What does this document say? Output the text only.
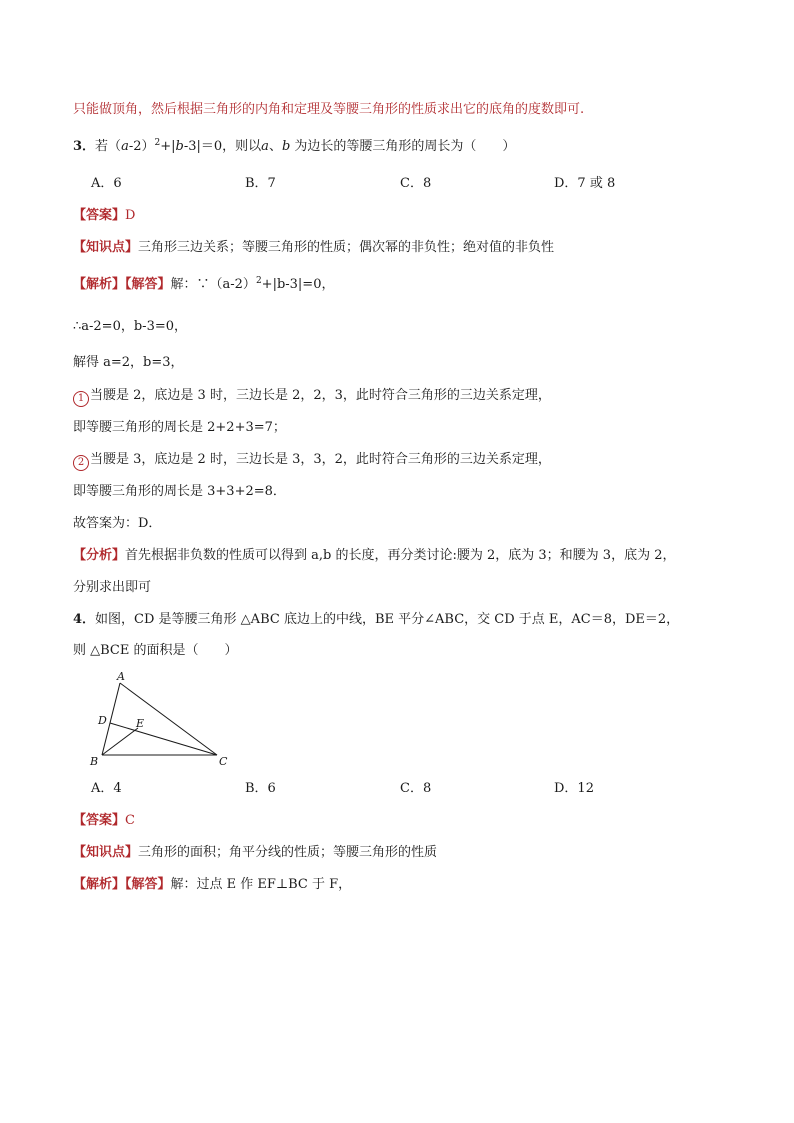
只能做顶角，然后根据三角形的内角和定理及等腰三角形的性质求出它的底角的度数即可.
3．若$(a-2)^2+|b-3|=0$，则以a、b 为边长的等腰三角形的周长为（　　）
A．6	B．7	C．8	D．7 或 8
【答案】D
【知识点】三角形三边关系；等腰三角形的性质；偶次幂的非负性；绝对值的非负性
【解析】【解答】解：$\because(a-2)^2+|b-3|=0$，
∴a-2=0，b-3=0，
解得 a=2，b=3，
1 当腰是 2，底边是 3 时，三边长是 2，2，3，此时符合三角形的三边关系定理，
即等腰三角形的周长是 2+2+3=7；
2 当腰是 3，底边是 2 时，三边长是 3，3，2，此时符合三角形的三边关系定理，
即等腰三角形的周长是 3+3+2=8．
故答案为：D．
【分析】首先根据非负数的性质可以得到 a,b 的长度，再分类讨论:腰为 2，底为 3；和腰为 3，底为 2，
分别求出即可
4．如图，CD 是等腰三角形 △ABC 底边上的中线，BE 平分∠ABC，交 CD 于点 E，AC＝8，DE＝2，
则 △BCE 的面积是（　　）
A
B	C
D	E
A．4	B．6	C．8	D．12
【答案】C
【知识点】三角形的面积；角平分线的性质；等腰三角形的性质
【解析】【解答】解：过点 E 作 EF⊥BC 于 F，
